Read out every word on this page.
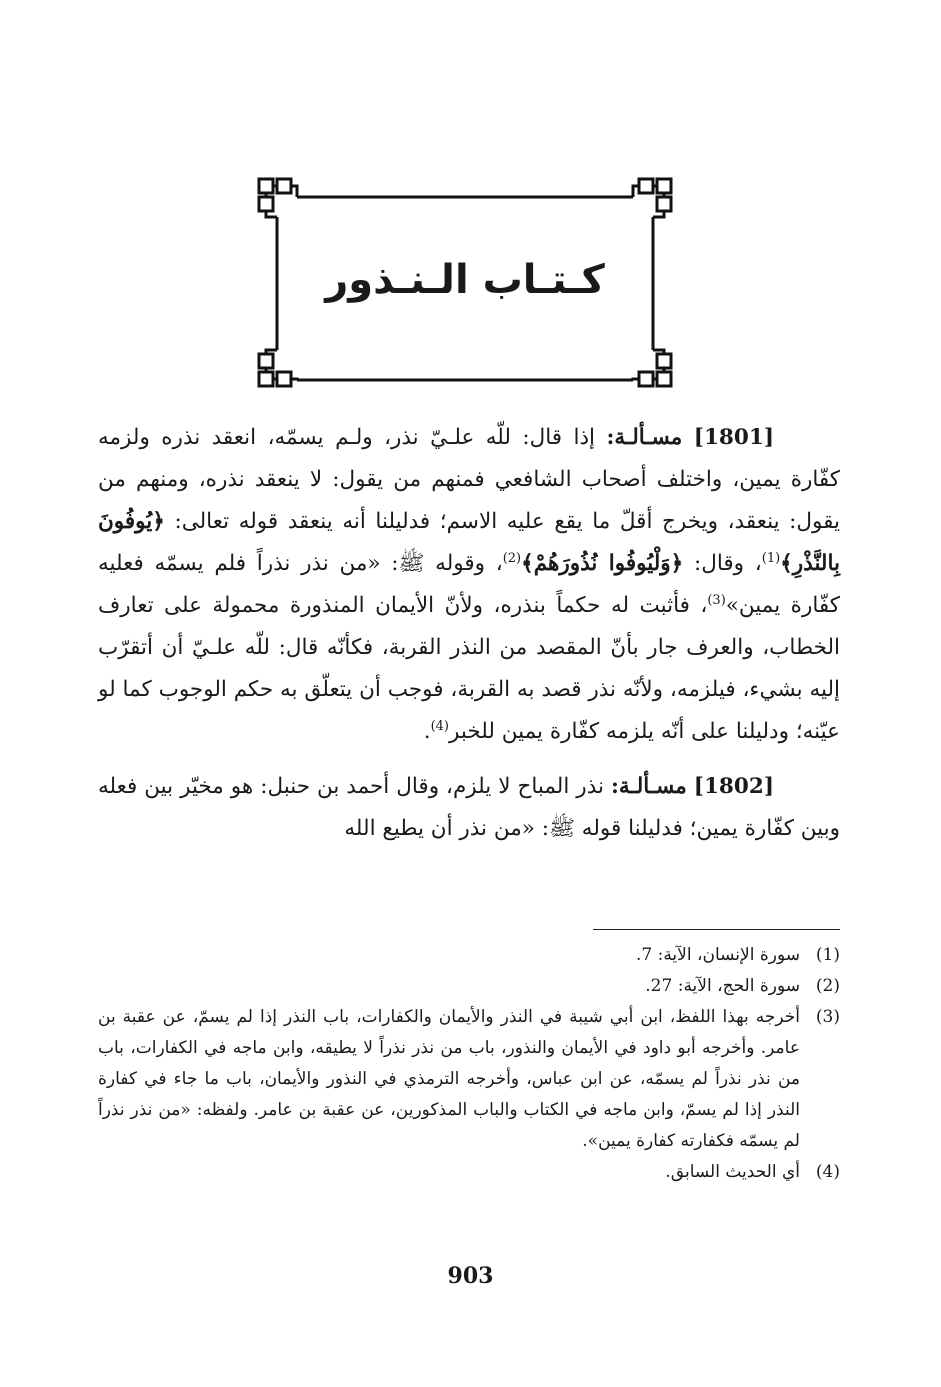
كـتـاب الـنـذور

[1801] مسـألـة: إذا قال: للّه علـيّ نذر، ولـم يسمّه، انعقد نذره ولزمه كفّارة يمين، واختلف أصحاب الشافعي فمنهم من يقول: لا ينعقد نذره، ومنهم من يقول: ينعقد، ويخرج أقلّ ما يقع عليه الاسم؛ فدليلنا أنه ينعقد قوله تعالى: ﴿يُوفُونَ بِالنَّذْرِ﴾$^{(1)}$، وقال: ﴿وَلْيُوفُوا نُذُورَهُمْ﴾$^{(2)}$، وقوله ﷺ: «من نذر نذراً فلم يسمّه فعليه كفّارة يمين»$^{(3)}$، فأثبت له حكماً بنذره، ولأنّ الأيمان المنذورة محمولة على تعارف الخطاب، والعرف جار بأنّ المقصد من النذر القربة، فكأنّه قال: للّه علـيّ أن أتقرّب إليه بشيء، فيلزمه، ولأنّه نذر قصد به القربة، فوجب أن يتعلّق به حكم الوجوب كما لو عيّنه؛ ودليلنا على أنّه يلزمه كفّارة يمين للخبر$^{(4)}$.

[1802] مسـألـة: نذر المباح لا يلزم، وقال أحمد بن حنبل: هو مخيّر بين فعله وبين كفّارة يمين؛ فدليلنا قوله ﷺ: «من نذر أن يطيع الله

(1)
سورة الإنسان، الآية: 7.
(2)
سورة الحج، الآية: 27.
(3)
أخرجه بهذا اللفظ، ابن أبي شيبة في النذر والأيمان والكفارات، باب النذر إذا لم يسمّ، عن عقبة بن عامر. وأخرجه أبو داود في الأيمان والنذور، باب من نذر نذراً لا يطيقه، وابن ماجه في الكفارات، باب من نذر نذراً لم يسمّه، عن ابن عباس، وأخرجه الترمذي في النذور والأيمان، باب ما جاء في كفارة النذر إذا لم يسمّ، وابن ماجه في الكتاب والباب المذكورين، عن عقبة بن عامر. ولفظه: «من نذر نذراً لم يسمّه فكفارته كفارة يمين».
(4)
أي الحديث السابق.
903
